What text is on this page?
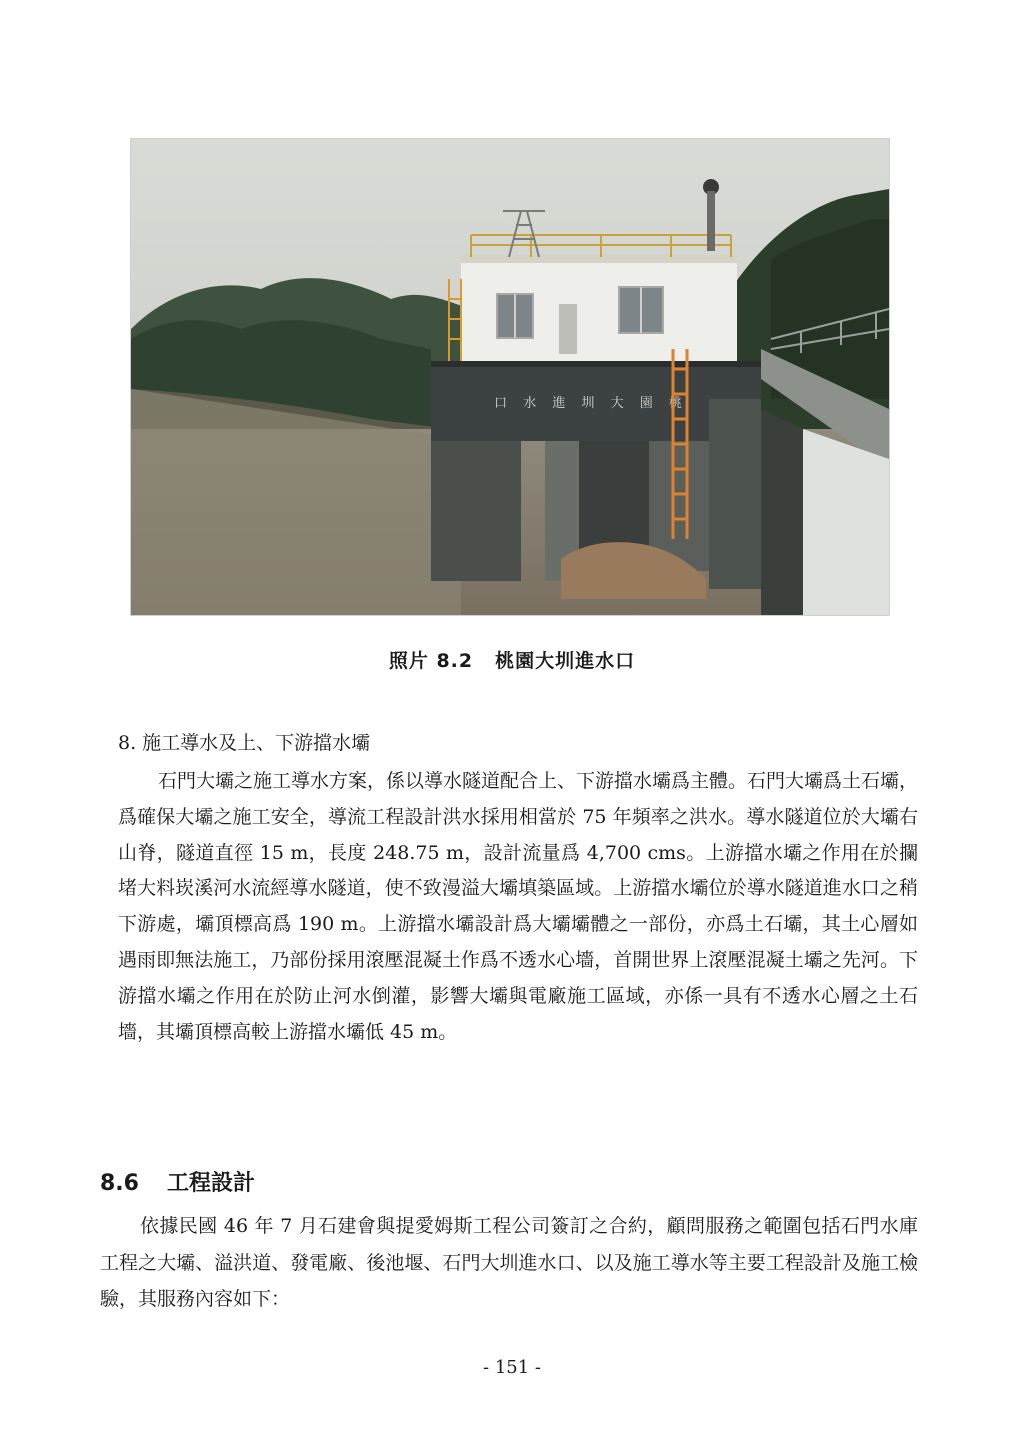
口 水 進 圳 大 園 桃
照片 8.2 桃園大圳進水口
8. 施工導水及上、下游擋水壩

石門大壩之施工導水方案，係以導水隧道配合上、下游擋水壩爲主體。石門大壩爲土石壩，爲確保大壩之施工安全，導流工程設計洪水採用相當於 75 年頻率之洪水。導水隧道位於大壩右山脊，隧道直徑 15 m，長度 248.75 m，設計流量爲 4,700 cms。上游擋水壩之作用在於攔堵大料崁溪河水流經導水隧道，使不致漫溢大壩填築區域。上游擋水壩位於導水隧道進水口之稍下游處，壩頂標高爲 190 m。上游擋水壩設計爲大壩壩體之一部份，亦爲土石壩，其土心層如遇雨即無法施工，乃部份採用滾壓混凝土作爲不透水心墻，首開世界上滾壓混凝土壩之先河。下游擋水壩之作用在於防止河水倒灌，影響大壩與電廠施工區域，亦係一具有不透水心層之土石墻，其壩頂標高較上游擋水壩低 45 m。

8.6 工程設計

依據民國 46 年 7 月石建會與提愛姆斯工程公司簽訂之合約，顧問服務之範圍包括石門水庫工程之大壩、溢洪道、發電廠、後池堰、石門大圳進水口、以及施工導水等主要工程設計及施工檢驗，其服務內容如下：

- 151 -
